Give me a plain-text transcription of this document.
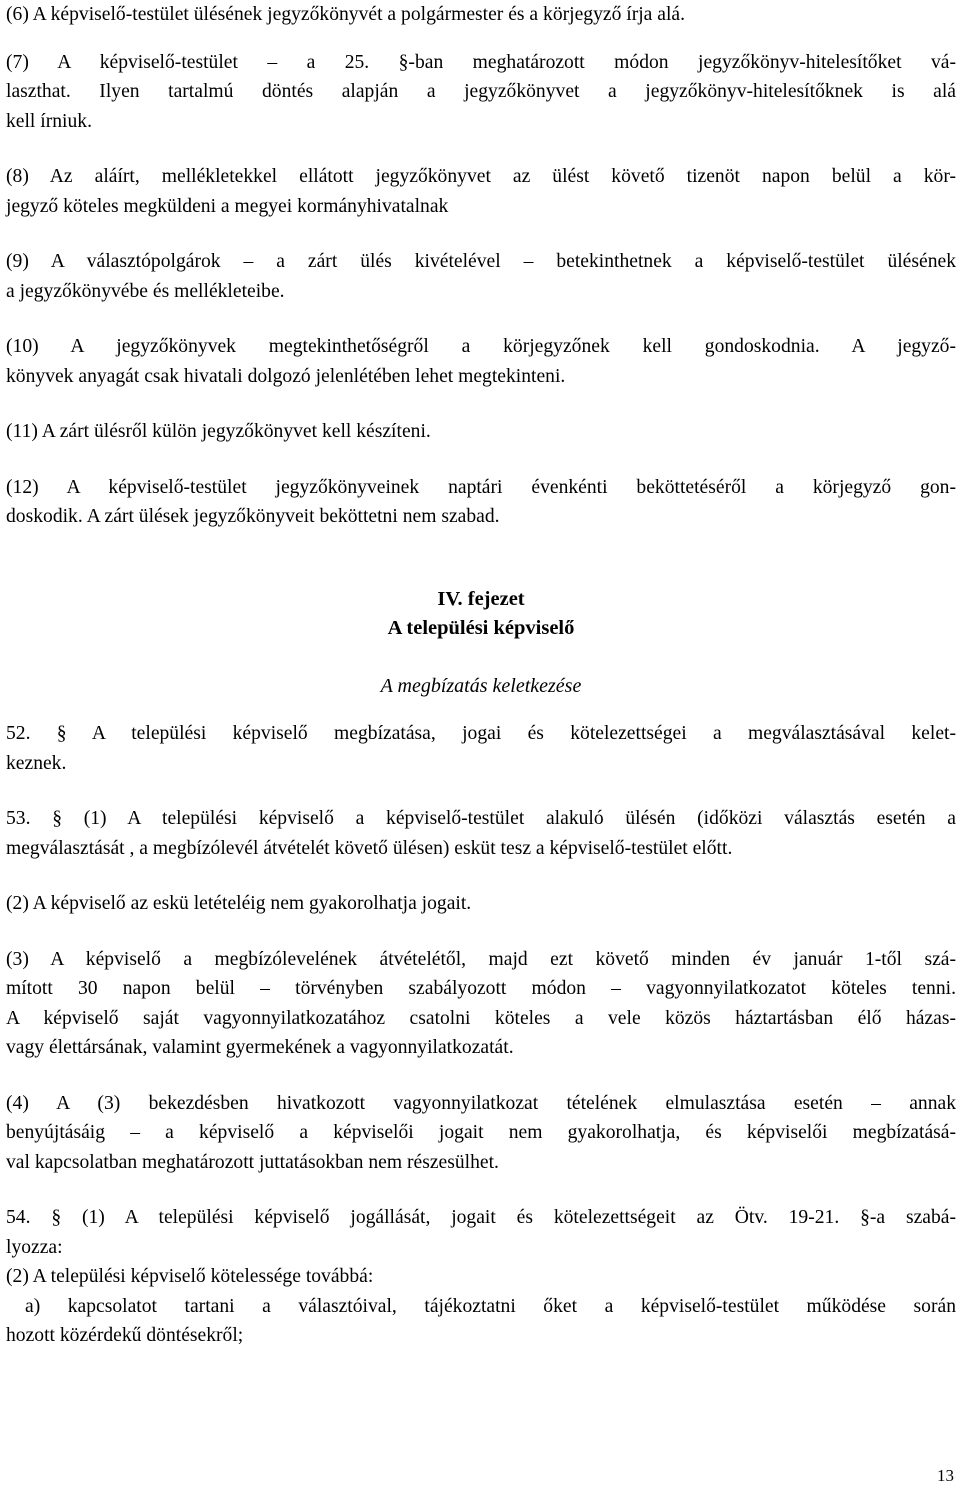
(6) A képviselő-testület ülésének jegyzőkönyvét a polgármester és a körjegyző írja alá.
(7) A képviselő-testület – a 25. §-ban meghatározott módon jegyzőkönyv-hitelesítőket vá-
laszthat. Ilyen tartalmú döntés alapján a jegyzőkönyvet a jegyzőkönyv-hitelesítőknek is alá
kell írniuk.
(8) Az aláírt, mellékletekkel ellátott jegyzőkönyvet az ülést követő tizenöt napon belül a kör-
jegyző köteles megküldeni a megyei kormányhivatalnak
(9) A választópolgárok – a zárt ülés kivételével – betekinthetnek a képviselő-testület ülésének
a jegyzőkönyvébe és mellékleteibe.
(10) A jegyzőkönyvek megtekinthetőségről a körjegyzőnek kell gondoskodnia. A jegyző-
könyvek anyagát csak hivatali dolgozó jelenlétében lehet megtekinteni.
(11) A zárt ülésről külön jegyzőkönyvet kell készíteni.
(12) A képviselő-testület jegyzőkönyveinek naptári évenkénti beköttetéséről a körjegyző gon-
doskodik. A zárt ülések jegyzőkönyveit beköttetni nem szabad.
IV. fejezet
A települési képviselő
A megbízatás keletkezése
52. § A települési képviselő megbízatása, jogai és kötelezettségei a megválasztásával kelet-
keznek.
53. § (1) A települési képviselő a képviselő-testület alakuló ülésén (időközi választás esetén a
megválasztását , a megbízólevél átvételét követő ülésen) esküt tesz a képviselő-testület előtt.
(2) A képviselő az eskü letételéig nem gyakorolhatja jogait.
(3) A képviselő a megbízólevelének átvételétől, majd ezt követő minden év január 1-től szá-
mított 30 napon belül – törvényben szabályozott módon – vagyonnyilatkozatot köteles tenni.
A képviselő saját vagyonnyilatkozatához csatolni köteles a vele közös háztartásban élő házas-
vagy élettársának, valamint gyermekének a vagyonnyilatkozatát.
(4) A (3) bekezdésben hivatkozott vagyonnyilatkozat tételének elmulasztása esetén – annak
benyújtásáig – a képviselő a képviselői jogait nem gyakorolhatja, és képviselői megbízatásá-
val kapcsolatban meghatározott juttatásokban nem részesülhet.
54. § (1) A települési képviselő jogállását, jogait és kötelezettségeit az Ötv. 19-21. §-a szabá-
lyozza:
(2) A települési képviselő kötelessége továbbá:
a) kapcsolatot tartani a választóival, tájékoztatni őket a képviselő-testület működése során
hozott közérdekű döntésekről;
13
